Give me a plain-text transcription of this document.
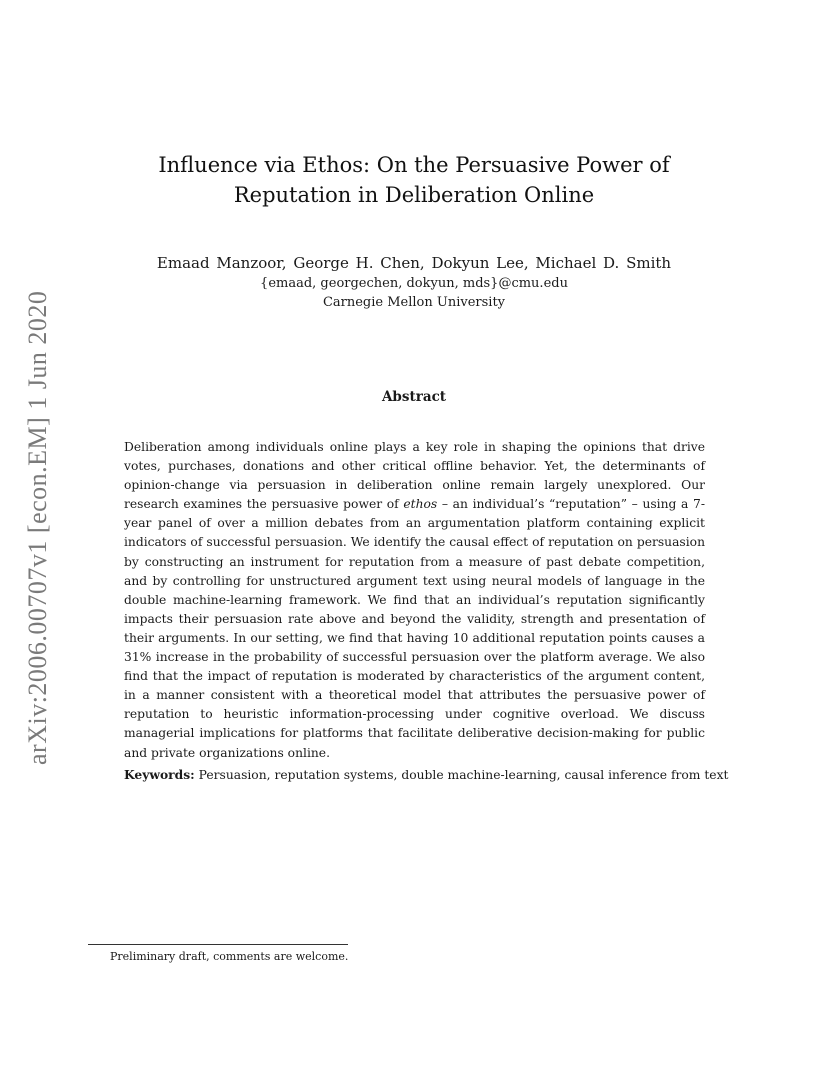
arXiv:2006.00707v1 [econ.EM] 1 Jun 2020
Influence via Ethos: On the Persuasive Power of
Reputation in Deliberation Online
Emaad Manzoor, George H. Chen, Dokyun Lee, Michael D. Smith
{emaad, georgechen, dokyun, mds}@cmu.edu
Carnegie Mellon University
Abstract
Deliberation among individuals online plays a key role in shaping the opinions that drive votes, purchases, donations and other critical offline behavior. Yet, the determinants of opinion-change via persuasion in deliberation online remain largely unexplored. Our research examines the persuasive power of ethos – an individual’s “reputation” – using a 7-year panel of over a million debates from an argumentation platform containing explicit indicators of successful persuasion. We identify the causal effect of reputation on persuasion by constructing an instrument for reputation from a measure of past debate competition, and by controlling for unstructured argument text using neural models of language in the double machine-learning framework. We find that an individual’s reputation significantly impacts their persuasion rate above and beyond the validity, strength and presentation of their arguments. In our setting, we find that having 10 additional reputation points causes a 31% increase in the probability of successful persuasion over the platform average. We also find that the impact of reputation is moderated by characteristics of the argument content, in a manner consistent with a theoretical model that attributes the persuasive power of reputation to heuristic information-processing under cognitive overload. We discuss managerial implications for platforms that facilitate deliberative decision-making for public and private organizations online.
Keywords: Persuasion, reputation systems, double machine-learning, causal inference from text
Preliminary draft, comments are welcome.
